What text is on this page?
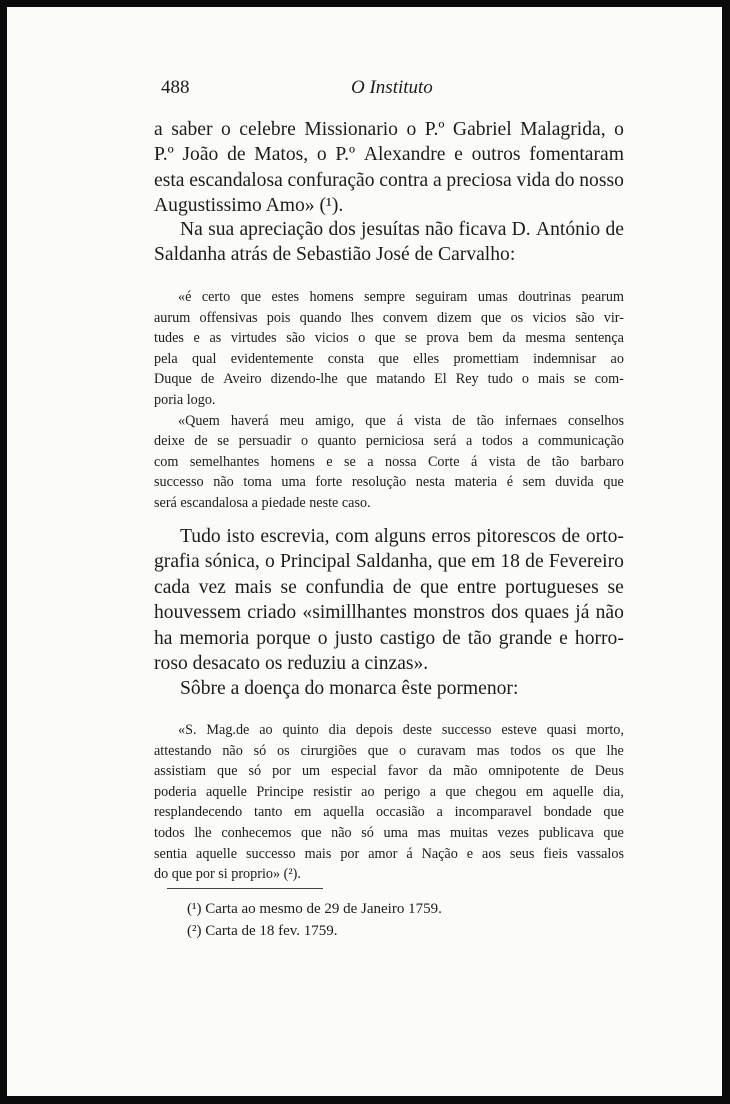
488	O Instituto
a saber o celebre Missionario o P.º Gabriel Malagrida, o
P.º João de Matos, o P.º Alexandre e outros fomentaram
esta escandalosa confuração contra a preciosa vida do nosso
Augustissimo Amo» (¹).
Na sua apreciação dos jesuítas não ficava D. António de
Saldanha atrás de Sebastião José de Carvalho:
«é certo que estes homens sempre seguiram umas doutrinas pearum
aurum offensivas pois quando lhes convem dizem que os vicios são vir-
tudes e as virtudes são vicios o que se prova bem da mesma sentença
pela qual evidentemente consta que elles promettiam indemnisar ao
Duque de Aveiro dizendo-lhe que matando El Rey tudo o mais se com-
poria logo.
«Quem haverá meu amigo, que á vista de tão infernaes conselhos
deixe de se persuadir o quanto perniciosa será a todos a communicação
com semelhantes homens e se a nossa Corte á vista de tão barbaro
successo não toma uma forte resolução nesta materia é sem duvida que
será escandalosa a piedade neste caso.
Tudo isto escrevia, com alguns erros pitorescos de orto-
grafia sónica, o Principal Saldanha, que em 18 de Fevereiro
cada vez mais se confundia de que entre portugueses se
houvessem criado «simillhantes monstros dos quaes já não
ha memoria porque o justo castigo de tão grande e horro-
roso desacato os reduziu a cinzas».
Sôbre a doença do monarca êste pormenor:
«S. Mag.de ao quinto dia depois deste successo esteve quasi morto,
attestando não só os cirurgiões que o curavam mas todos os que lhe
assistiam que só por um especial favor da mão omnipotente de Deus
poderia aquelle Principe resistir ao perigo a que chegou em aquelle dia,
resplandecendo tanto em aquella occasião a incomparavel bondade que
todos lhe conhecemos que não só uma mas muitas vezes publicava que
sentia aquelle successo mais por amor á Nação e aos seus fieis vassalos
do que por si proprio» (²).
(¹) Carta ao mesmo de 29 de Janeiro 1759.
(²) Carta de 18 fev. 1759.
